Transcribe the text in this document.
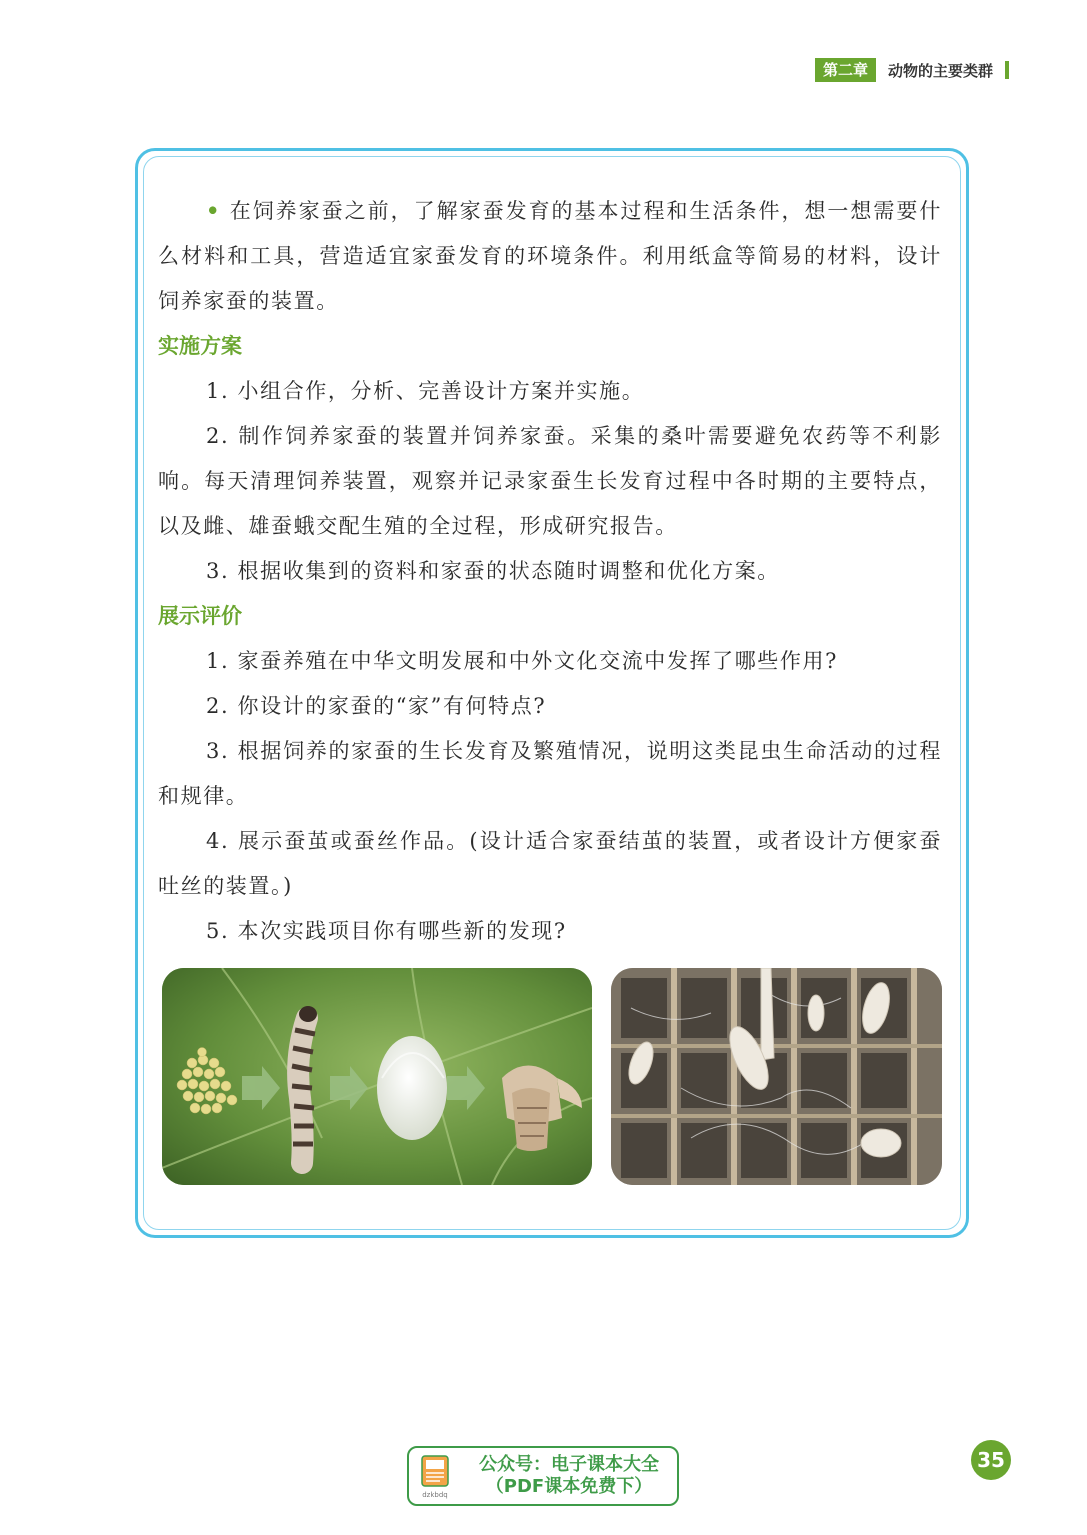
第二章	动物的主要类群

• 在饲养家蚕之前，了解家蚕发育的基本过程和生活条件，想一想需要什么材料和工具，营造适宜家蚕发育的环境条件。利用纸盒等简易的材料，设计饲养家蚕的装置。

实施方案

1. 小组合作，分析、完善设计方案并实施。

2. 制作饲养家蚕的装置并饲养家蚕。采集的桑叶需要避免农药等不利影响。每天清理饲养装置，观察并记录家蚕生长发育过程中各时期的主要特点，以及雌、雄蚕蛾交配生殖的全过程，形成研究报告。

3. 根据收集到的资料和家蚕的状态随时调整和优化方案。

展示评价

1. 家蚕养殖在中华文明发展和中外文化交流中发挥了哪些作用?

2. 你设计的家蚕的“家”有何特点?

3. 根据饲养的家蚕的生长发育及繁殖情况，说明这类昆虫生命活动的过程和规律。

4. 展示蚕茧或蚕丝作品。(设计适合家蚕结茧的装置，或者设计方便家蚕吐丝的装置。)

5. 本次实践项目你有哪些新的发现?

dzkbdq
公众号：电子课本大全
（PDF课本免费下）
35
